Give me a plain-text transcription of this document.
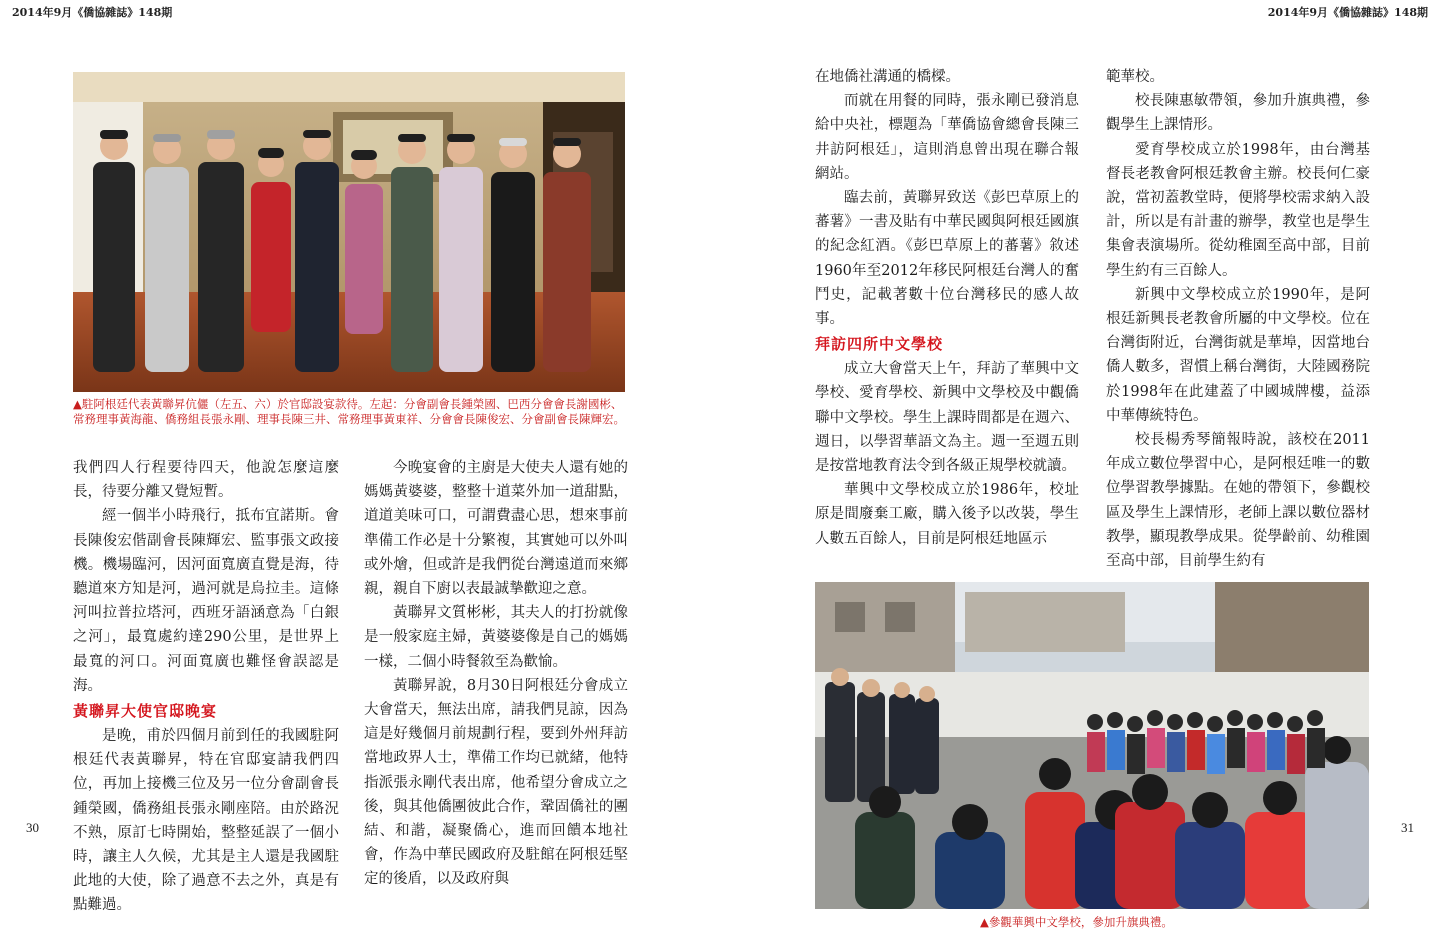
2014年9月《僑協雜誌》148期	2014年9月《僑協雜誌》148期
▲駐阿根廷代表黃聯昇伉儷（左五、六）於官邸設宴款待。左起：分會副會長鍾榮國、巴西分會會長謝國彬、常務理事黃海龍、僑務組長張永剛、理事長陳三井、常務理事黃東祥、分會會長陳俊宏、分會副會長陳輝宏。

我們四人行程要待四天，他說怎麼這麼長，待要分離又覺短暫。

經一個半小時飛行，抵布宜諾斯。會長陳俊宏偕副會長陳輝宏、監事張文政接機。機場臨河，因河面寬廣直覺是海，待聽道來方知是河，過河就是烏拉圭。這條河叫拉普拉塔河，西班牙語涵意為「白銀之河」，最寬處約達290公里，是世界上最寬的河口。河面寬廣也難怪會誤認是海。

黃聯昇大使官邸晚宴

是晚，甫於四個月前到任的我國駐阿根廷代表黃聯昇，特在官邸宴請我們四位，再加上接機三位及另一位分會副會長鍾榮國，僑務組長張永剛座陪。由於路況不熟，原訂七時開始，整整延誤了一個小時，讓主人久候，尤其是主人還是我國駐此地的大使，除了過意不去之外，真是有點難過。

今晚宴會的主廚是大使夫人還有她的媽媽黃婆婆，整整十道菜外加一道甜點，道道美味可口，可謂費盡心思，想來事前準備工作必是十分繁複，其實她可以外叫或外燴，但或許是我們從台灣遠道而來鄉親，親自下廚以表最誠摯歡迎之意。

黃聯昇文質彬彬，其夫人的打扮就像是一般家庭主婦，黃婆婆像是自己的媽媽一樣，二個小時餐敘至為歡愉。

黃聯昇說，8月30日阿根廷分會成立大會當天，無法出席，請我們見諒，因為這是好幾個月前規劃行程，要到外州拜訪當地政界人士，準備工作均已就緒，他特指派張永剛代表出席，他希望分會成立之後，與其他僑團彼此合作，鞏固僑社的團結、和諧，凝聚僑心，進而回饋本地社會，作為中華民國政府及駐館在阿根廷堅定的後盾，以及政府與

在地僑社溝通的橋樑。

而就在用餐的同時，張永剛已發消息給中央社，標題為「華僑協會總會長陳三井訪阿根廷」，這則消息曾出現在聯合報網站。

臨去前，黃聯昇致送《彭巴草原上的蕃薯》一書及貼有中華民國與阿根廷國旗的紀念紅酒。《彭巴草原上的蕃薯》敘述1960年至2012年移民阿根廷台灣人的奮鬥史，記載著數十位台灣移民的感人故事。

拜訪四所中文學校

成立大會當天上午，拜訪了華興中文學校、愛育學校、新興中文學校及中觀僑聯中文學校。學生上課時間都是在週六、週日，以學習華語文為主。週一至週五則是按當地教育法令到各級正規學校就讀。

華興中文學校成立於1986年，校址原是間廢棄工廠，購入後予以改裝，學生人數五百餘人，目前是阿根廷地區示

範華校。

校長陳惠敏帶領，參加升旗典禮，參觀學生上課情形。

愛育學校成立於1998年，由台灣基督長老教會阿根廷教會主辦。校長何仁豪說，當初蓋教堂時，便將學校需求納入設計，所以是有計畫的辦學，教堂也是學生集會表演場所。從幼稚園至高中部，目前學生約有三百餘人。

新興中文學校成立於1990年，是阿根廷新興長老教會所屬的中文學校。位在台灣街附近，台灣街就是華埠，因當地台僑人數多，習慣上稱台灣街，大陸國務院於1998年在此建蓋了中國城牌樓，益添中華傳統特色。

校長楊秀琴簡報時說，該校在2011年成立數位學習中心，是阿根廷唯一的數位學習教學據點。在她的帶領下，參觀校區及學生上課情形，老師上課以數位器材教學，顯現教學成果。從學齡前、幼稚園至高中部，目前學生約有

▲參觀華興中文學校，參加升旗典禮。
30	31
